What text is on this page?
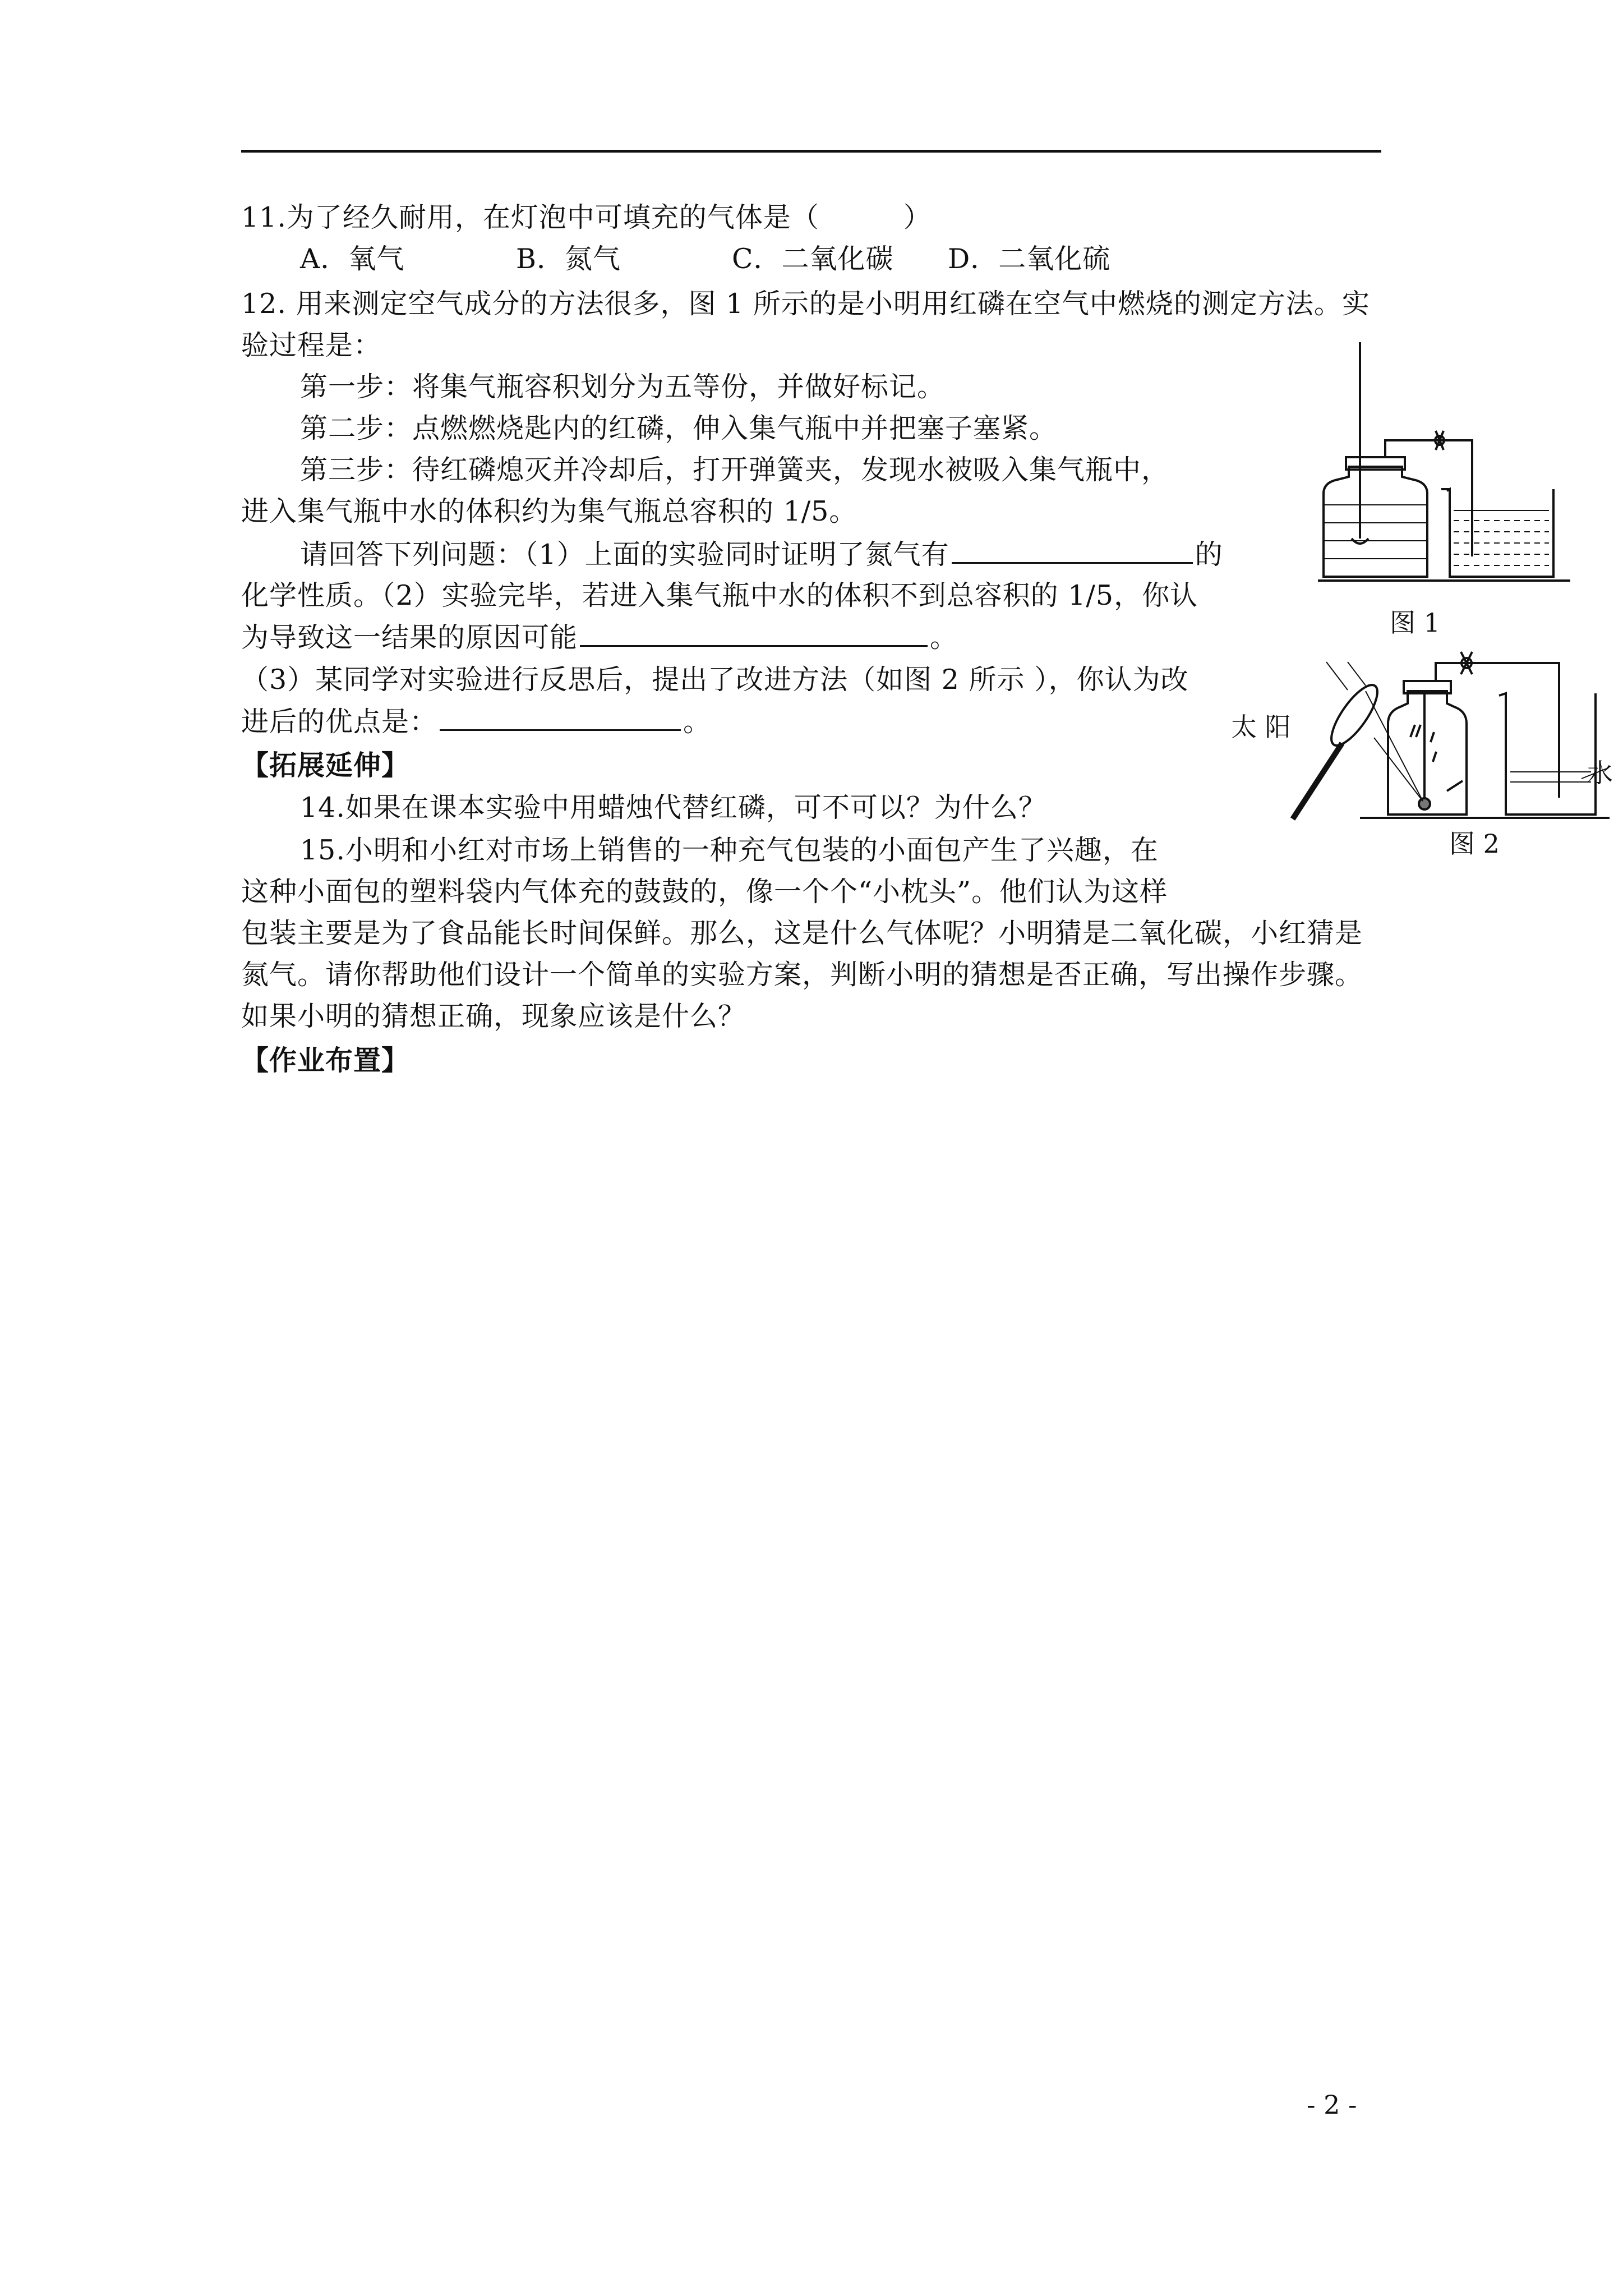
11.为了经久耐用，在灯泡中可填充的气体是（　　　）
A．氧气	B．氮气	C．二氧化碳 D．二氧化硫
12. 用来测定空气成分的方法很多，图 1 所示的是小明用红磷在空气中燃烧的测定方法。实
验过程是：
第一步：将集气瓶容积划分为五等份，并做好标记。
第二步：点燃燃烧匙内的红磷，伸入集气瓶中并把塞子塞紧。
第三步：待红磷熄灭并冷却后，打开弹簧夹，发现水被吸入集气瓶中，
进入集气瓶中水的体积约为集气瓶总容积的 1/5。
请回答下列问题：（1）上面的实验同时证明了氮气有	的
化学性质。（2）实验完毕，若进入集气瓶中水的体积不到总容积的 1/5，你认
为导致这一结果的原因可能	。
（3）某同学对实验进行反思后，提出了改进方法（如图 2 所示 ），你认为改
进后的优点是：	。
【拓展延伸】
14.如果在课本实验中用蜡烛代替红磷，可不可以？为什么？
15.小明和小红对市场上销售的一种充气包装的小面包产生了兴趣，在
这种小面包的塑料袋内气体充的鼓鼓的，像一个个“小枕头”。他们认为这样
包装主要是为了食品能长时间保鲜。那么，这是什么气体呢？小明猜是二氧化碳，小红猜是
氮气。请你帮助他们设计一个简单的实验方案，判断小明的猜想是否正确，写出操作步骤。
如果小明的猜想正确，现象应该是什么？
【作业布置】
图 1
太 阳
水
图 2
- 2 -
